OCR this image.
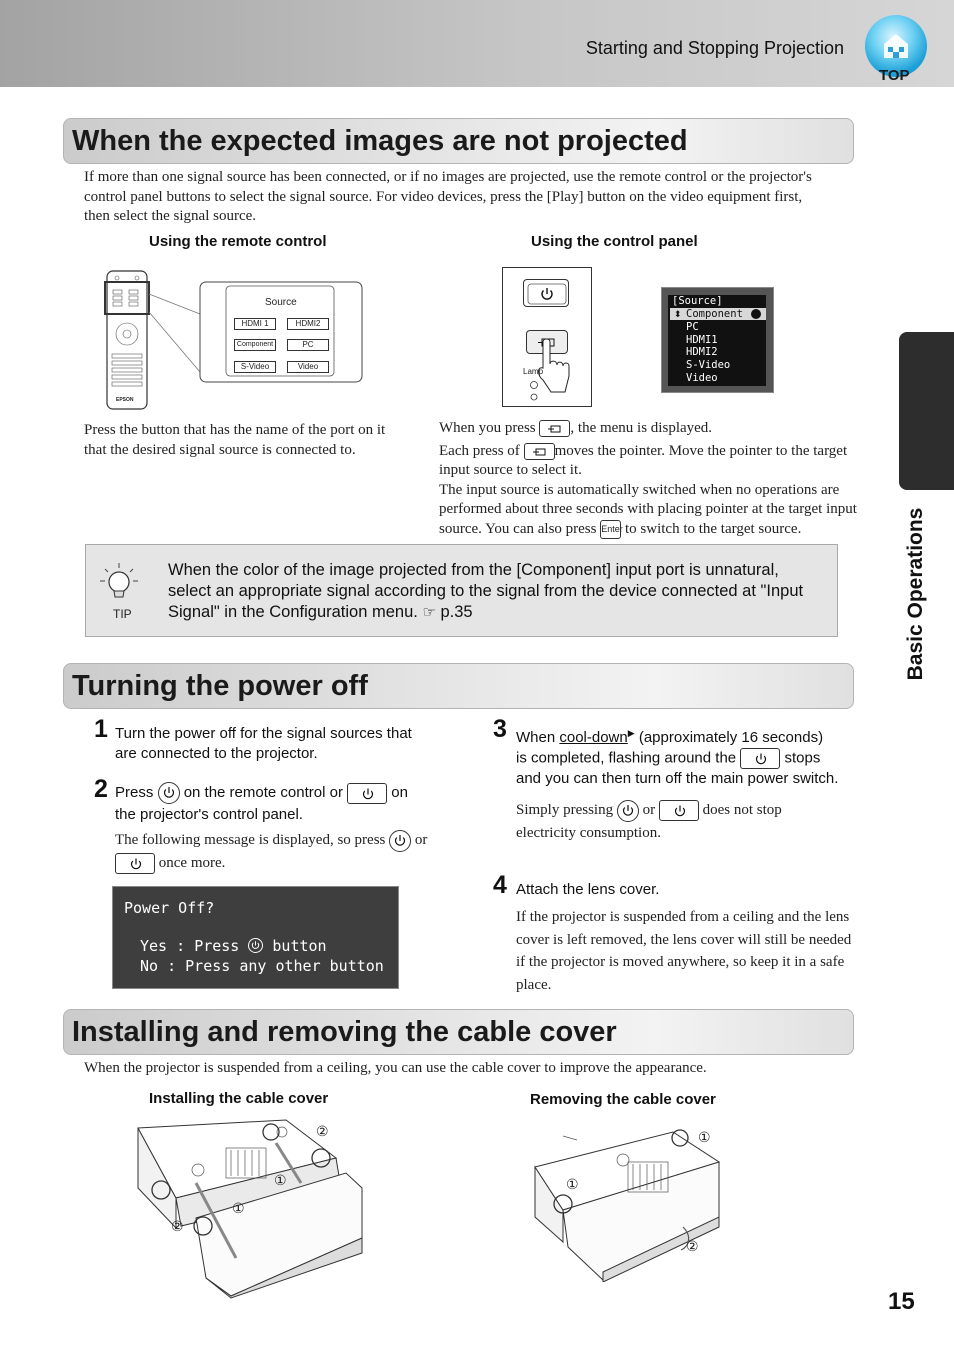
Starting and Stopping Projection
TOP
Basic Operations
When the expected images are not projected
If more than one signal source has been connected, or if no images are projected, use the remote control or the projector's control panel buttons to select the signal source. For video devices, press the [Play] button on the video equipment first, then select the signal source.
Using the remote control	Using the control panel
EPSON
Source
HDMI 1	HDMI2
Component	PC
S-Video	Video
Lamp
[Source]
⬍ Component
PC
HDMI1
HDMI2
S-Video
Video
Press the button that has the name of the port on it that the desired signal source is connected to.
When you press , the menu is displayed.
Each press of moves the pointer. Move the pointer to the target input source to select it.
The input source is automatically switched when no operations are performed about three seconds with placing pointer at the target input source. You can also press Enter to switch to the target source.
TIP
When the color of the image projected from the [Component] input port is unnatural, select an appropriate signal according to the signal from the device connected at "Input Signal" in the Configuration menu. ☞ p.35
Turning the power off
1 Turn the power off for the signal sources that are connected to the projector.
2 Press on the remote control or	on
the projector's control panel.
The following message is displayed, so press or

once more.
Power Off?
Yes : Press button
No : Press any other button
3 When cool-down▶ (approximately 16 seconds)
is completed, flashing around the	stops
and you can then turn off the main power switch.
Simply pressing or	does not stop
electricity consumption.
4 Attach the lens cover.
If the projector is suspended from a ceiling and the lens cover is left removed, the lens cover will still be needed if the projector is moved anywhere, so keep it in a safe place.
Installing and removing the cable cover
When the projector is suspended from a ceiling, you can use the cable cover to improve the appearance.
Installing the cable cover	Removing the cable cover
②
①
①
②
①
①
②
15
